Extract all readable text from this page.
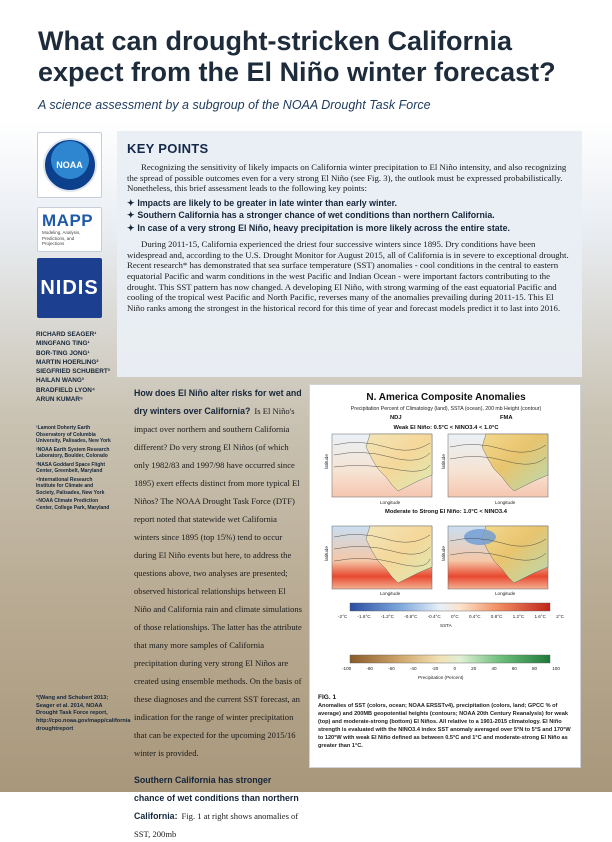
What can drought-stricken California expect from the El Niño winter forecast?
A science assessment by a subgroup of the NOAA Drought Task Force
NOAA
MAPP
Modeling, Analysis, Predictions, and Projections
NIDIS
RICHARD SEAGER¹
MINGFANG TING¹
BOR-TING JONG¹
MARTIN HOERLING²
SIEGFRIED SCHUBERT³
HAILAN WANG³
BRADFIELD LYON⁴
ARUN KUMAR⁵
¹Lamont Doherty Earth Observatory of Columbia University, Palisades, New York
²NOAA Earth System Research Laboratory, Boulder, Colorado
³NASA Goddard Space Flight Center, Greenbelt, Maryland
⁴International Research Institute for Climate and Society, Palisades, New York
⁵NOAA Climate Prediction Center, College Park, Maryland
*(Wang and Schubert 2013; Seager et al. 2014, NOAA Drought Task Force report, http://cpo.noaa.gov/mapp/california droughtreport
KEY POINTS

Recognizing the sensitivity of likely impacts on California winter precipitation to El Niño intensity, and also recognizing the spread of possible outcomes even for a very strong El Niño (see Fig. 3), the outlook must be expressed probabilistically. Nonetheless, this brief assessment leads to the following key points:

✦ Impacts are likely to be greater in late winter than early winter.
✦ Southern California has a stronger chance of wet conditions than northern California.
✦ In case of a very strong El Niño, heavy precipitation is more likely across the entire state.

During 2011-15, California experienced the driest four successive winters since 1895. Dry conditions have been widespread and, according to the U.S. Drought Monitor for August 2015, all of California is in severe to exceptional drought. Recent research* has demonstrated that sea surface temperature (SST) anomalies - cool conditions in the central to eastern equatorial Pacific and warm conditions in the west Pacific and Indian Ocean - were important factors contributing to the drought. This SST pattern has now changed. A developing El Niño, with strong warming of the east equatorial Pacific and cooling of the tropical west Pacific and North Pacific, reverses many of the anomalies prevailing during 2011-15. This El Niño ranks among the strongest in the historical record for this time of year and forecast models predict it to last into 2016.

How does El Niño alter risks for wet and dry winters over California? Is El Niño's impact over northern and southern California different? Do very strong El Niños (of which only 1982/83 and 1997/98 have occurred since 1895) exert effects distinct from more typical El Niños? The NOAA Drought Task Force (DTF) report noted that statewide wet California winters since 1895 (top 15%) tend to occur during El Niño events but here, to address the questions above, two analyses are presented; observed historical relationships between El Niño and California rain and climate simulations of those relationships. The latter has the attribute that many more samples of California precipitation during very strong El Niños are created using ensemble methods. On the basis of these diagnoses and the current SST forecast, an indication for the range of winter precipitation that can be expected for the upcoming 2015/16 winter is provided.
Southern California has stronger chance of wet conditions than northern California: Fig. 1 at right shows anomalies of SST, 200mb
N. America Composite Anomalies
Precipitation Percent of Climatology (land), SSTA (ocean), 200 mb Height (contour)
NDJ	FMA
Weak El Niño: 0.5°C < NINO3.4 < 1.0°C
latitude	latitude
Longitude	Longitude
Moderate to Strong El Niño: 1.0°C < NINO3.4
latitude	latitude
Longitude	Longitude
-2°C -1.6°C -1.2°C -0.8°C -0.4°C 0°C 0.4°C 0.8°C 1.2°C 1.6°C 2°C
SSTA
-100	-80	-60	-40	-20	0	20	40	60	80	100
Precipitation (Percent)
FIG. 1
Anomalies of SST (colors, ocean; NOAA ERSSTv4), precipitation (colors, land; GPCC % of average) and 200MB geopotential heights (contours; NOAA 20th Century Reanalysis) for weak (top) and moderate-strong (bottom) El Niños. All relative to a 1901-2015 climatology. El Niño strength is evaluated with the NINO3.4 index SST anomaly averaged over 5°N to 5°S and 170°W to 120°W with weak El Niño defined as between 0.5°C and 1°C and moderate-strong El Niño as greater than 1°C.
